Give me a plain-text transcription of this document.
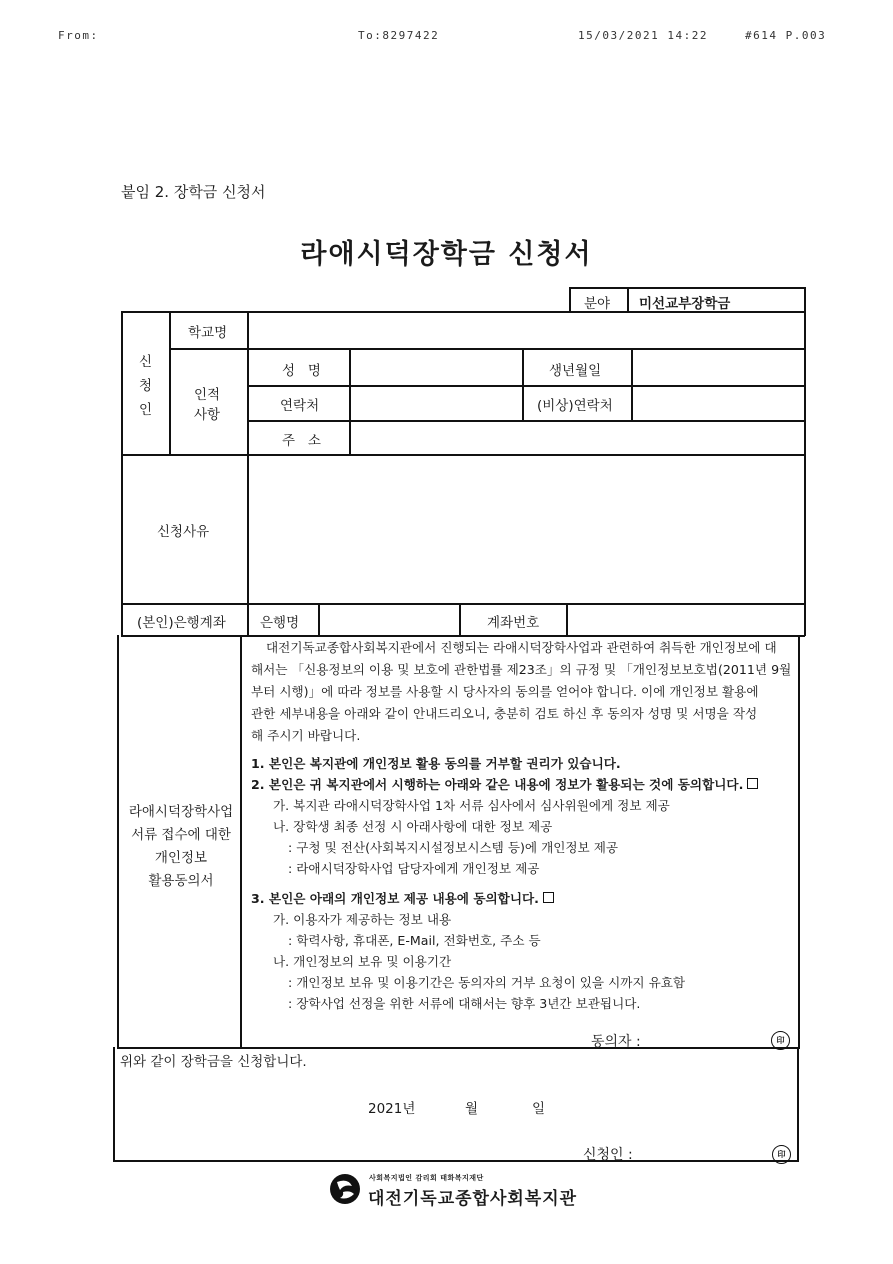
From:	To:8297422	15/03/2021 14:22	#614 P.003
붙임 2. 장학금 신청서
라애시덕장학금 신청서
분야 미선교부장학금
신
청
인
학교명
인적
사항
성   명	생년월일
연락처	(비상)연락처
주   소
신청사유
(본인)은행계좌	은행명	계좌번호
라애시덕장학사업
서류 접수에 대한
개인정보
활용동의서
대전기독교종합사회복지관에서 진행되는 라애시덕장학사업과 관련하여 취득한 개인정보에 대
해서는 「신용정보의 이용 및 보호에 관한법률 제23조」의 규정 및 「개인정보보호법(2011년 9월
부터 시행)」에 따라 정보를 사용할 시 당사자의 동의를 얻어야 합니다. 이에 개인정보 활용에
관한 세부내용을 아래와 같이 안내드리오니, 충분히 검토 하신 후 동의자 성명 및 서명을 작성
해 주시기 바랍니다.
1. 본인은 복지관에 개인정보 활용 동의를 거부할 권리가 있습니다.
2. 본인은 귀 복지관에서 시행하는 아래와 같은 내용에 정보가 활용되는 것에 동의합니다.
가. 복지관 라애시덕장학사업 1차 서류 심사에서 심사위원에게 정보 제공
나. 장학생 최종 선정 시 아래사항에 대한 정보 제공
: 구청 및 전산(사회복지시설정보시스템 등)에 개인정보 제공
: 라애시덕장학사업 담당자에게 개인정보 제공
3. 본인은 아래의 개인정보 제공 내용에 동의합니다.
가. 이용자가 제공하는 정보 내용
: 학력사항, 휴대폰, E-Mail, 전화번호, 주소 등
나. 개인정보의 보유 및 이용기간
: 개인정보 보유 및 이용기간은 동의자의 거부 요청이 있을 시까지 유효함
: 장학사업 선정을 위한 서류에 대해서는 향후 3년간 보관됩니다.
동의자 :	印
위와 같이 장학금을 신청합니다.
2021년	월	일
신청인 :	印
사회복지법인 감리회 태화복지재단
대전기독교종합사회복지관
